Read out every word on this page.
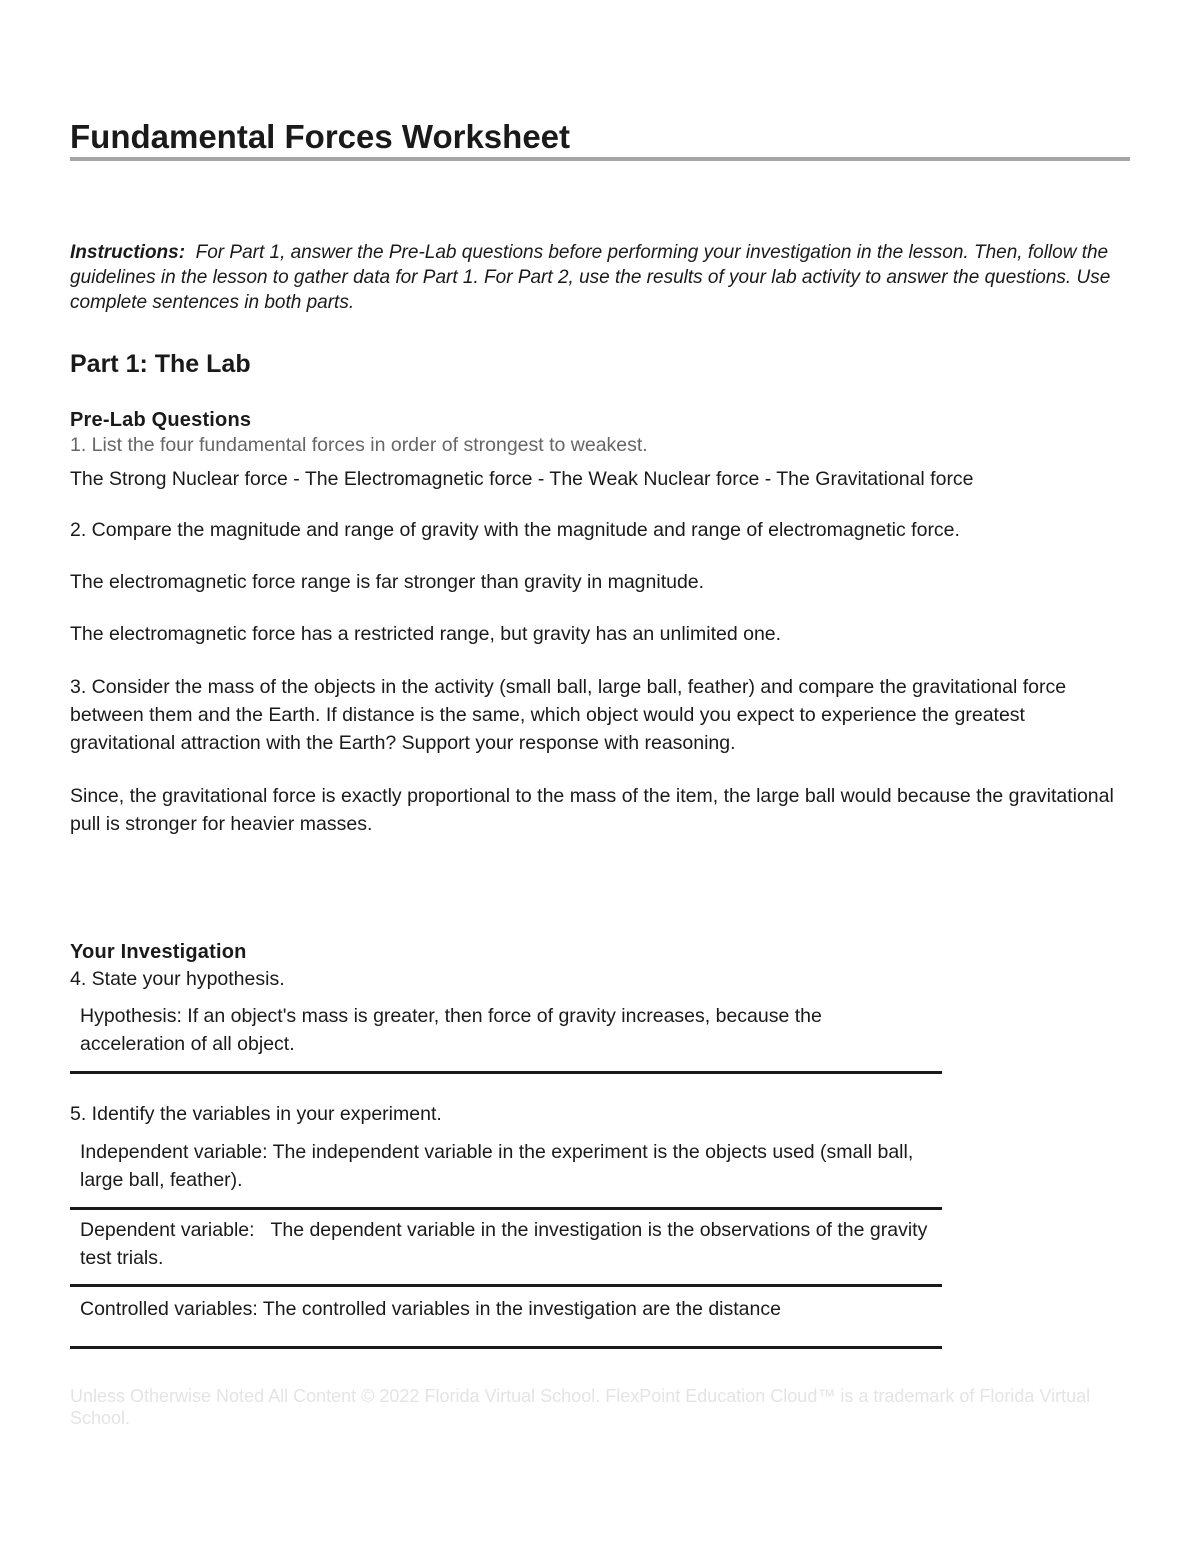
Fundamental Forces Worksheet

Instructions: For Part 1, answer the Pre-Lab questions before performing your investigation in the lesson. Then, follow the guidelines in the lesson to gather data for Part 1. For Part 2, use the results of your lab activity to answer the questions. Use complete sentences in both parts.

Part 1: The Lab
Pre-Lab Questions

1. List the four fundamental forces in order of strongest to weakest.

The Strong Nuclear force - The Electromagnetic force - The Weak Nuclear force - The Gravitational force

2. Compare the magnitude and range of gravity with the magnitude and range of electromagnetic force.

The electromagnetic force range is far stronger than gravity in magnitude.

The electromagnetic force has a restricted range, but gravity has an unlimited one.

3. Consider the mass of the objects in the activity (small ball, large ball, feather) and compare the gravitational force between them and the Earth. If distance is the same, which object would you expect to experience the greatest gravitational attraction with the Earth? Support your response with reasoning.

Since, the gravitational force is exactly proportional to the mass of the item, the large ball would because the gravitational pull is stronger for heavier masses.

Your Investigation

4. State your hypothesis.

Hypothesis: If an object's mass is greater, then force of gravity increases, because the acceleration of all object.

5. Identify the variables in your experiment.

Independent variable: The independent variable in the experiment is the objects used (small ball, large ball, feather).

Dependent variable:   The dependent variable in the investigation is the observations of the gravity test trials.

Controlled variables: The controlled variables in the investigation are the distance

Unless Otherwise Noted All Content © 2022 Florida Virtual School. FlexPoint Education Cloud™ is a trademark of Florida Virtual School.
